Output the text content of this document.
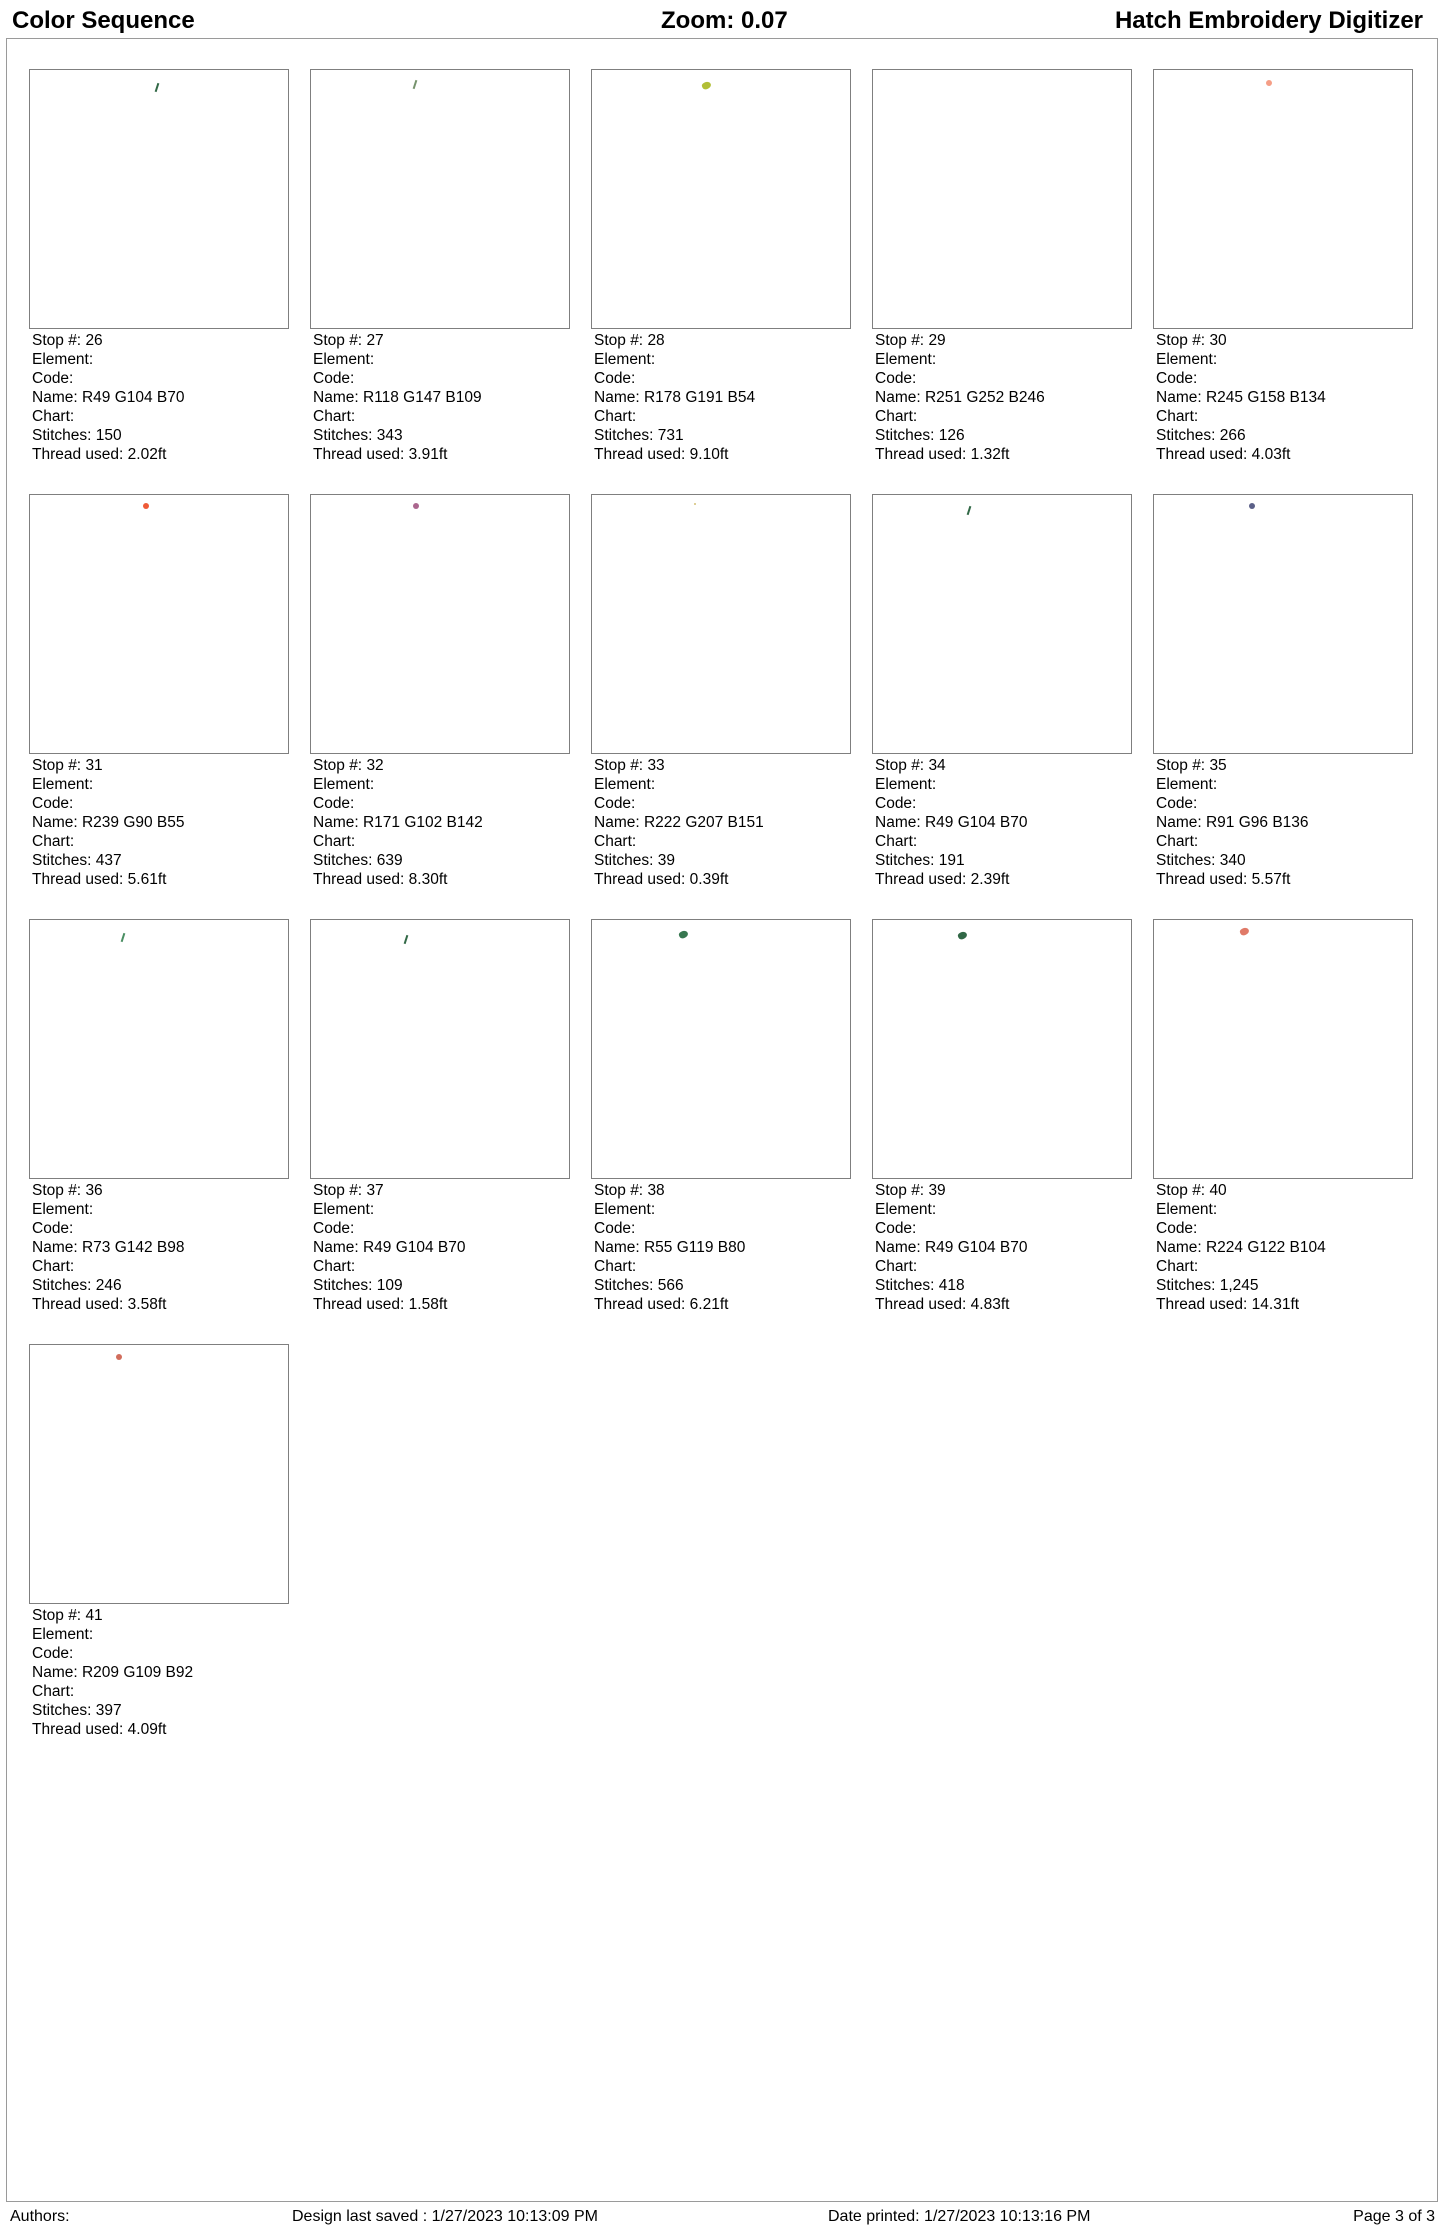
Color Sequence	Zoom: 0.07	Hatch Embroidery Digitizer
Stop #: 26
Element:
Code:
Name: R49 G104 B70
Chart:
Stitches: 150
Thread used: 2.02ft
Stop #: 27
Element:
Code:
Name: R118 G147 B109
Chart:
Stitches: 343
Thread used: 3.91ft
Stop #: 28
Element:
Code:
Name: R178 G191 B54
Chart:
Stitches: 731
Thread used: 9.10ft
Stop #: 29
Element:
Code:
Name: R251 G252 B246
Chart:
Stitches: 126
Thread used: 1.32ft
Stop #: 30
Element:
Code:
Name: R245 G158 B134
Chart:
Stitches: 266
Thread used: 4.03ft
Stop #: 31
Element:
Code:
Name: R239 G90 B55
Chart:
Stitches: 437
Thread used: 5.61ft
Stop #: 32
Element:
Code:
Name: R171 G102 B142
Chart:
Stitches: 639
Thread used: 8.30ft
Stop #: 33
Element:
Code:
Name: R222 G207 B151
Chart:
Stitches: 39
Thread used: 0.39ft
Stop #: 34
Element:
Code:
Name: R49 G104 B70
Chart:
Stitches: 191
Thread used: 2.39ft
Stop #: 35
Element:
Code:
Name: R91 G96 B136
Chart:
Stitches: 340
Thread used: 5.57ft
Stop #: 36
Element:
Code:
Name: R73 G142 B98
Chart:
Stitches: 246
Thread used: 3.58ft
Stop #: 37
Element:
Code:
Name: R49 G104 B70
Chart:
Stitches: 109
Thread used: 1.58ft
Stop #: 38
Element:
Code:
Name: R55 G119 B80
Chart:
Stitches: 566
Thread used: 6.21ft
Stop #: 39
Element:
Code:
Name: R49 G104 B70
Chart:
Stitches: 418
Thread used: 4.83ft
Stop #: 40
Element:
Code:
Name: R224 G122 B104
Chart:
Stitches: 1,245
Thread used: 14.31ft
Stop #: 41
Element:
Code:
Name: R209 G109 B92
Chart:
Stitches: 397
Thread used: 4.09ft
Authors:	Design last saved : 1/27/2023 10:13:09 PM	Date printed: 1/27/2023 10:13:16 PM	Page 3 of 3
